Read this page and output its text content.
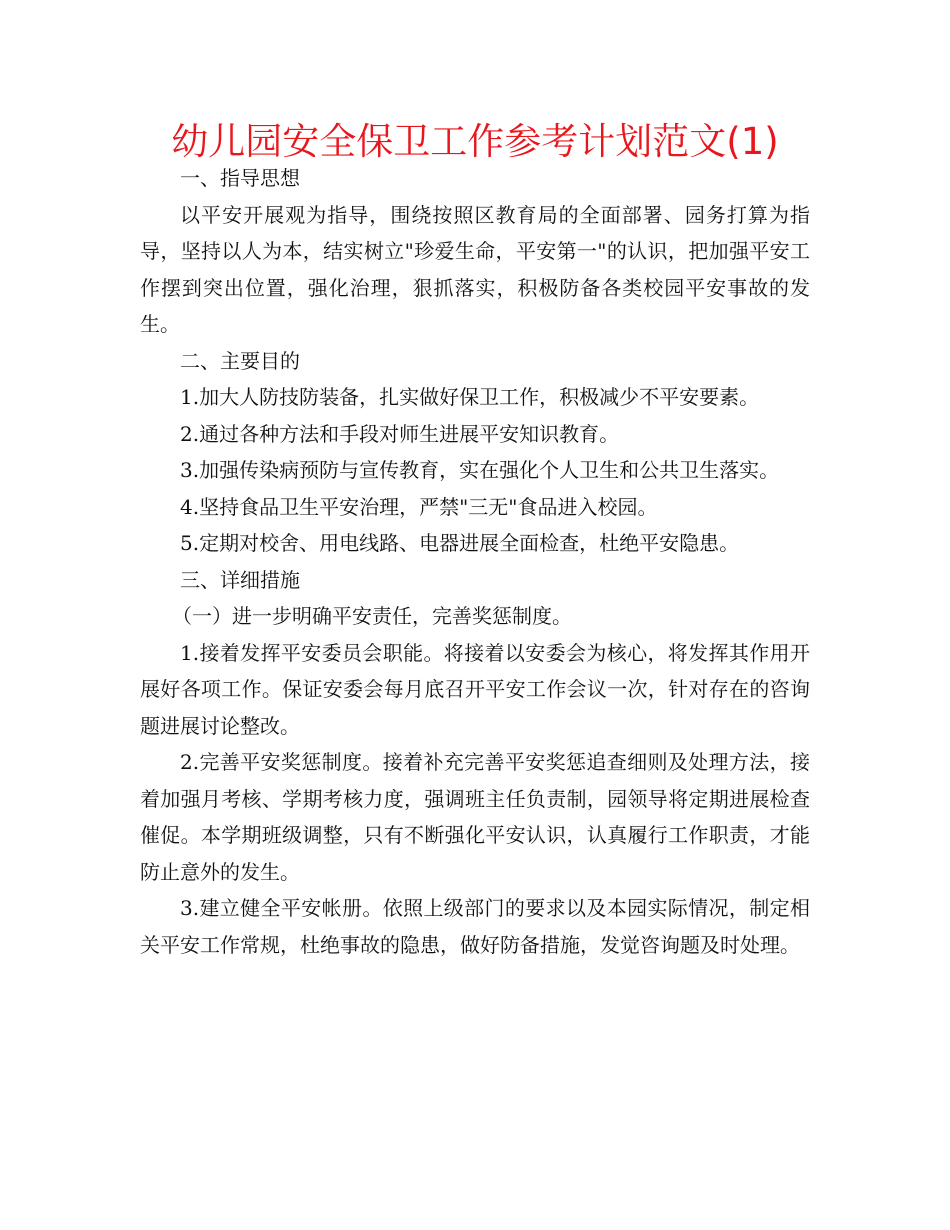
幼儿园安全保卫工作参考计划范文(1)

一、指导思想

以平安开展观为指导，围绕按照区教育局的全面部署、园务打算为指导，坚持以人为本，结实树立"珍爱生命，平安第一"的认识，把加强平安工作摆到突出位置，强化治理，狠抓落实，积极防备各类校园平安事故的发生。

二、主要目的

1.加大人防技防装备，扎实做好保卫工作，积极减少不平安要素。

2.通过各种方法和手段对师生进展平安知识教育。

3.加强传染病预防与宣传教育，实在强化个人卫生和公共卫生落实。

4.坚持食品卫生平安治理，严禁"三无"食品进入校园。

5.定期对校舍、用电线路、电器进展全面检查，杜绝平安隐患。

三、详细措施

（一）进一步明确平安责任，完善奖惩制度。

1.接着发挥平安委员会职能。将接着以安委会为核心，将发挥其作用开展好各项工作。保证安委会每月底召开平安工作会议一次，针对存在的咨询题进展讨论整改。

2.完善平安奖惩制度。接着补充完善平安奖惩追查细则及处理方法，接着加强月考核、学期考核力度，强调班主任负责制，园领导将定期进展检查催促。本学期班级调整，只有不断强化平安认识，认真履行工作职责，才能防止意外的发生。

3.建立健全平安帐册。依照上级部门的要求以及本园实际情况，制定相关平安工作常规，杜绝事故的隐患，做好防备措施，发觉咨询题及时处理。
